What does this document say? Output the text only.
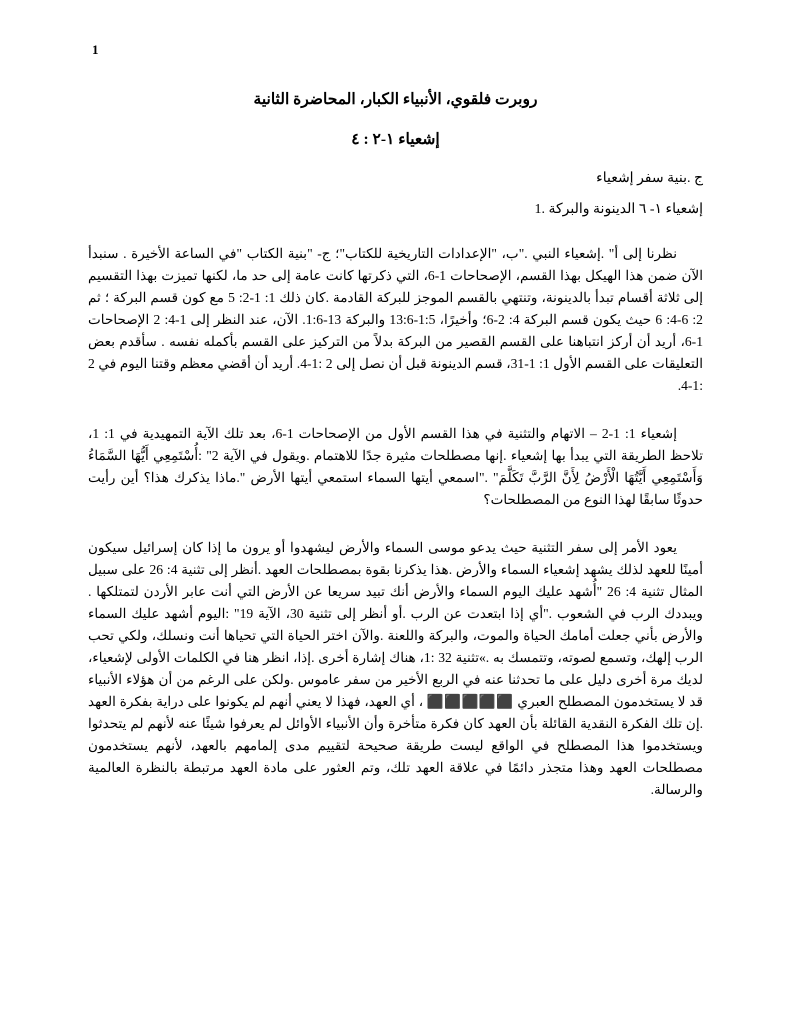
1
روبرت فلقوي، الأنبياء الكبار، المحاضرة الثانية
إشعياء ١-٢ : ٤
ج .بنية سفر إشعياء
إشعياء ١- ٦ الدينونة والبركة .1

نظرنا إلى أ" .إشعياء النبي ."ب، "الإعدادات التاريخية للكتاب"؛ ج- "بنية الكتاب "في الساعة الأخيرة . سنبدأ الآن ضمن هذا الهيكل بهذا القسم، الإصحاحات 1-6، التي ذكرتها كانت عامة إلى حد ما، لكنها تميزت بهذا التقسيم إلى ثلاثة أقسام تبدأ بالدينونة، وتنتهي بالقسم الموجز للبركة القادمة .كان ذلك 1: 1-2: 5 مع كون قسم البركة ؛ ثم 2: 6-4: 6 حيث يكون قسم البركة 4: 2-6؛ وأخيرًا، 1:5-13:6 والبركة 13-1:6. الآن، عند النظر إلى 1-4: 2 الإصحاحات 1-6، أريد أن أركز انتباهنا على القسم القصير من البركة بدلاً من التركيز على القسم بأكمله نفسه . سأقدم بعض التعليقات على القسم الأول 1: 1-31، قسم الدينونة قبل أن نصل إلى 2 :1-4. أريد أن أقضي معظم وقتنا اليوم في 2 :1-4.

إشعياء 1: 1-2 – الاتهام والتثنية في هذا القسم الأول من الإصحاحات 1-6، بعد تلك الآية التمهيدية في 1: 1، تلاحظ الطريقة التي يبدأ بها إشعياء .إنها مصطلحات مثيرة جدًا للاهتمام .ويقول في الآية 2" :أُسْتَمِعِي أَيُّهَا السَّمَاءُ وَأَسْتَمِعِي أَيَّتُهَا الْأَرْضُ لِأَنَّ الرَّبَّ تَكَلَّمَ" ."اسمعي أيتها السماء استمعي أيتها الأرض ".ماذا يذكرك هذا؟ أين رأيت حدوثًا سابقًا لهذا النوع من المصطلحات؟

يعود الأمر إلى سفر التثنية حيث يدعو موسى السماء والأرض ليشهدوا أو يرون ما إذا كان إسرائيل سيكون أمينًا للعهد لذلك يشهد إشعياء السماء والأرض .هذا يذكرنا بقوة بمصطلحات العهد .أنظر إلى تثنية 4: 26 على سبيل المثال تثنية 4: 26 "أُشهد عليك اليوم السماء والأرض أنك تبيد سريعا عن الأرض التي أنت عابر الأردن لتمتلكها . ويبددك الرب في الشعوب ."أي إذا ابتعدت عن الرب .أو أنظر إلى تثنية 30، الآية 19" :اليوم أشهد عليك السماء والأرض بأني جعلت أمامك الحياة والموت، والبركة واللعنة .والآن اختر الحياة التي تحياها أنت ونسلك، ولكي تحب الرب إلهك، وتسمع لصوته، وتتمسك به .»تثنية 32 :1، هناك إشارة أخرى .إذا، انظر هنا في الكلمات الأولى لإشعياء، لديك مرة أخرى دليل على ما تحدثنا عنه في الربع الأخير من سفر عاموس .ولكن على الرغم من أن هؤلاء الأنبياء قد لا يستخدمون المصطلح العبري ⬛⬛⬛⬛⬛ ، أي العهد، فهذا لا يعني أنهم لم يكونوا على دراية بفكرة العهد .إن تلك الفكرة النقدية القائلة بأن العهد كان فكرة متأخرة وأن الأنبياء الأوائل لم يعرفوا شيئًا عنه لأنهم لم يتحدثوا ويستخدموا هذا المصطلح في الواقع ليست طريقة صحيحة لتقييم مدى إلمامهم بالعهد، لأنهم يستخدمون مصطلحات العهد وهذا متجذر دائمًا في علاقة العهد تلك، وتم العثور على مادة العهد مرتبطة بالنظرة العالمية والرسالة.
